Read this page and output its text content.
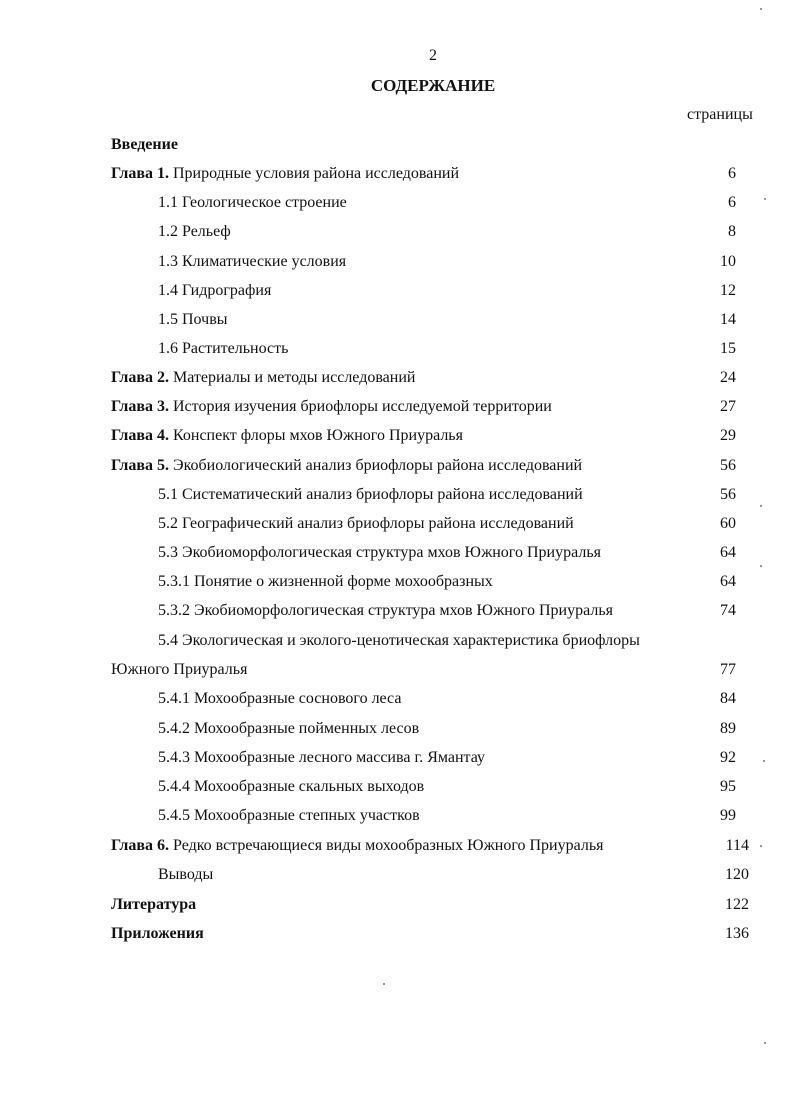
2
СОДЕРЖАНИЕ
страницы
Введение
Глава 1. Природные условия района исследований	6
1.1 Геологическое строение	6
1.2 Рельеф	8
1.3 Климатические условия	10
1.4 Гидрография	12
1.5 Почвы	14
1.6 Растительность	15
Глава 2. Материалы и методы исследований	24
Глава 3. История изучения бриофлоры исследуемой территории	27
Глава 4. Конспект флоры мхов Южного Приуралья	29
Глава 5. Экобиологический анализ бриофлоры района исследований	56
5.1 Систематический анализ бриофлоры района исследований	56
5.2 Географический анализ бриофлоры района исследований	60
5.3 Экобиоморфологическая структура мхов Южного Приуралья	64
5.3.1 Понятие о жизненной форме мохообразных	64
5.3.2 Экобиоморфологическая структура мхов Южного Приуралья	74
5.4 Экологическая и эколого-ценотическая характеристика бриофлоры
Южного Приуралья	77
5.4.1 Мохообразные соснового леса	84
5.4.2 Мохообразные пойменных лесов	89
5.4.3 Мохообразные лесного массива г. Ямантау	92
5.4.4 Мохообразные скальных выходов	95
5.4.5 Мохообразные степных участков	99
Глава 6. Редко встречающиеся виды мохообразных Южного Приуралья	114
Выводы	120
Литература	122
Приложения	136
